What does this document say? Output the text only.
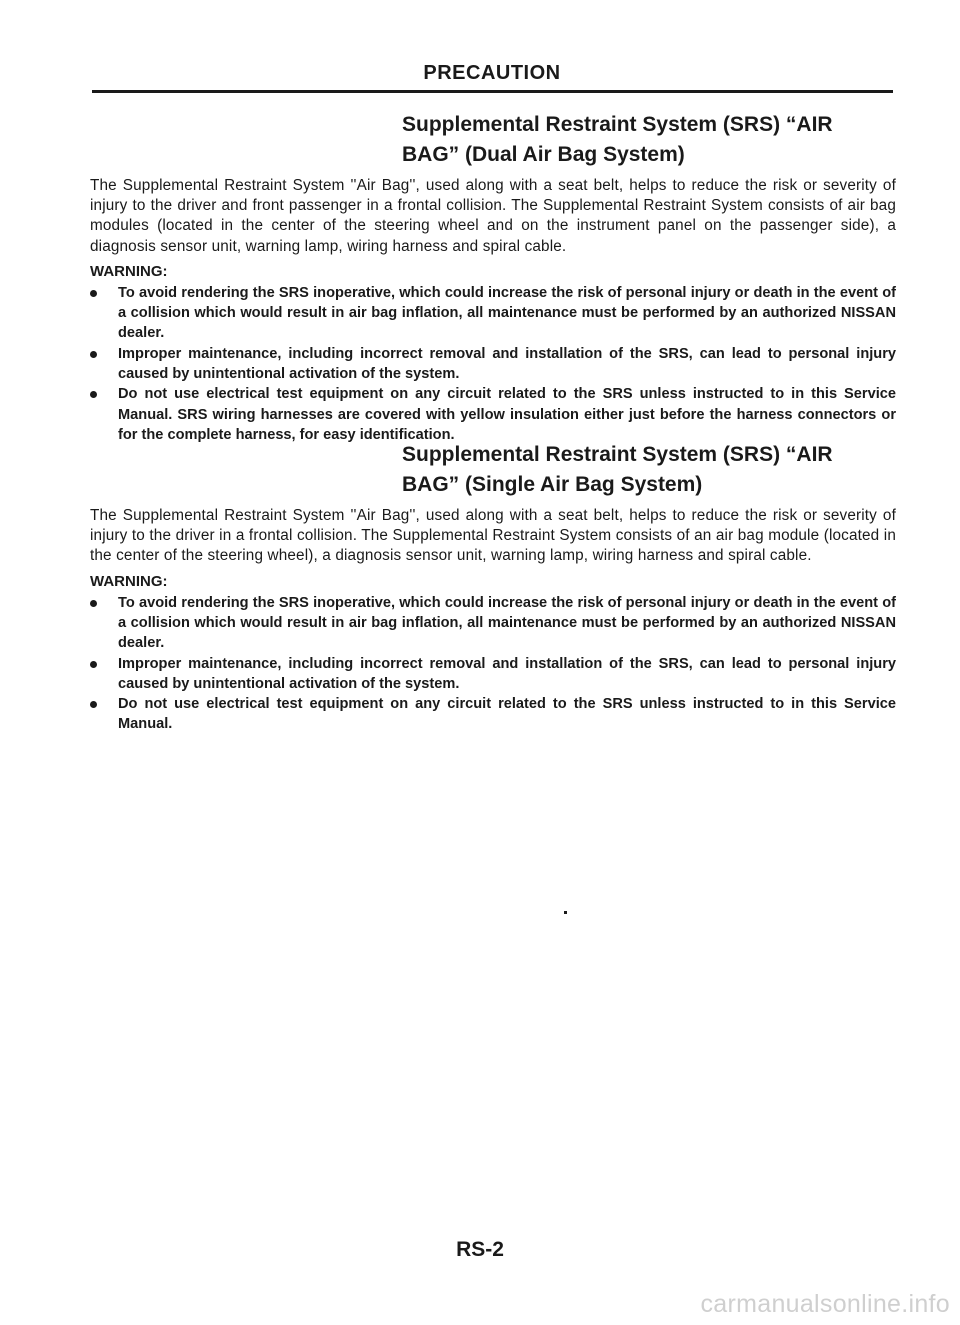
PRECAUTION
Supplemental Restraint System (SRS) “AIR
BAG” (Dual Air Bag System)

The Supplemental Restraint System ''Air Bag'', used along with a seat belt, helps to reduce the risk or severity of injury to the driver and front passenger in a frontal collision. The Supplemental Restraint System consists of air bag modules (located in the center of the steering wheel and on the instrument panel on the passenger side), a diagnosis sensor unit, warning lamp, wiring harness and spiral cable.

WARNING:

To avoid rendering the SRS inoperative, which could increase the risk of personal injury or death in the event of a collision which would result in air bag inflation, all maintenance must be performed by an authorized NISSAN dealer.
Improper maintenance, including incorrect removal and installation of the SRS, can lead to personal injury caused by unintentional activation of the system.
Do not use electrical test equipment on any circuit related to the SRS unless instructed to in this Service Manual. SRS wiring harnesses are covered with yellow insulation either just before the harness connectors or for the complete harness, for easy identification.
Supplemental Restraint System (SRS) “AIR
BAG” (Single Air Bag System)

The Supplemental Restraint System ''Air Bag'', used along with a seat belt, helps to reduce the risk or severity of injury to the driver in a frontal collision. The Supplemental Restraint System consists of an air bag module (located in the center of the steering wheel), a diagnosis sensor unit, warning lamp, wiring harness and spiral cable.

WARNING:

To avoid rendering the SRS inoperative, which could increase the risk of personal injury or death in the event of a collision which would result in air bag inflation, all maintenance must be performed by an authorized NISSAN dealer.
Improper maintenance, including incorrect removal and installation of the SRS, can lead to personal injury caused by unintentional activation of the system.
Do not use electrical test equipment on any circuit related to the SRS unless instructed to in this Service Manual.
RS-2
carmanualsonline.info
